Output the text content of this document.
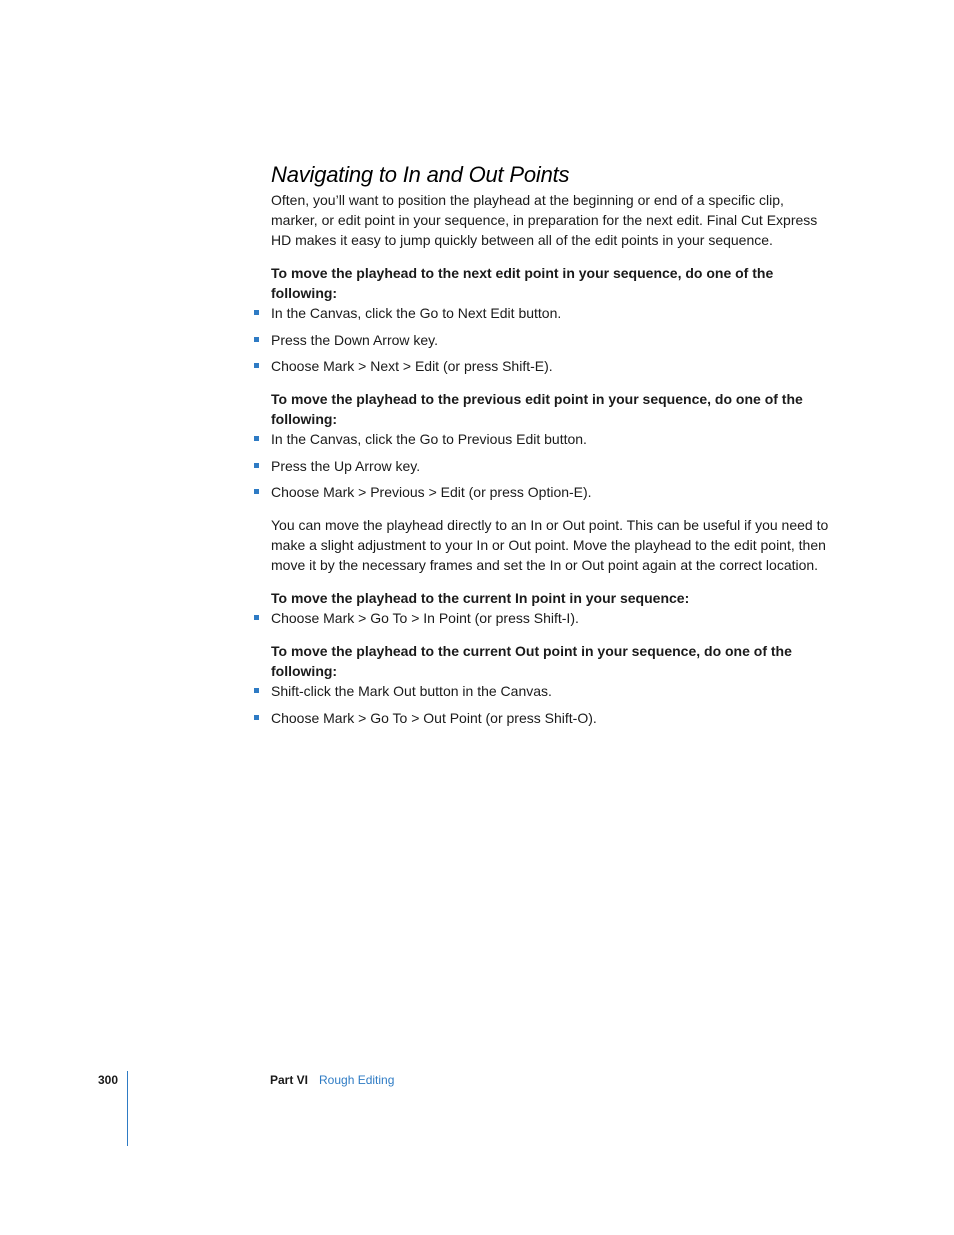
Navigating to In and Out Points

Often, you’ll want to position the playhead at the beginning or end of a specific clip, marker, or edit point in your sequence, in preparation for the next edit. Final Cut Express HD makes it easy to jump quickly between all of the edit points in your sequence.

To move the playhead to the next edit point in your sequence, do one of the following:

In the Canvas, click the Go to Next Edit button.
Press the Down Arrow key.
Choose Mark > Next > Edit (or press Shift-E).

To move the playhead to the previous edit point in your sequence, do one of the following:

In the Canvas, click the Go to Previous Edit button.
Press the Up Arrow key.
Choose Mark > Previous > Edit (or press Option-E).

You can move the playhead directly to an In or Out point. This can be useful if you need to make a slight adjustment to your In or Out point. Move the playhead to the edit point, then move it by the necessary frames and set the In or Out point again at the correct location.

To move the playhead to the current In point in your sequence:

Choose Mark > Go To > In Point (or press Shift-I).

To move the playhead to the current Out point in your sequence, do one of the following:

Shift-click the Mark Out button in the Canvas.
Choose Mark > Go To > Out Point (or press Shift-O).
300	Part VI Rough Editing
